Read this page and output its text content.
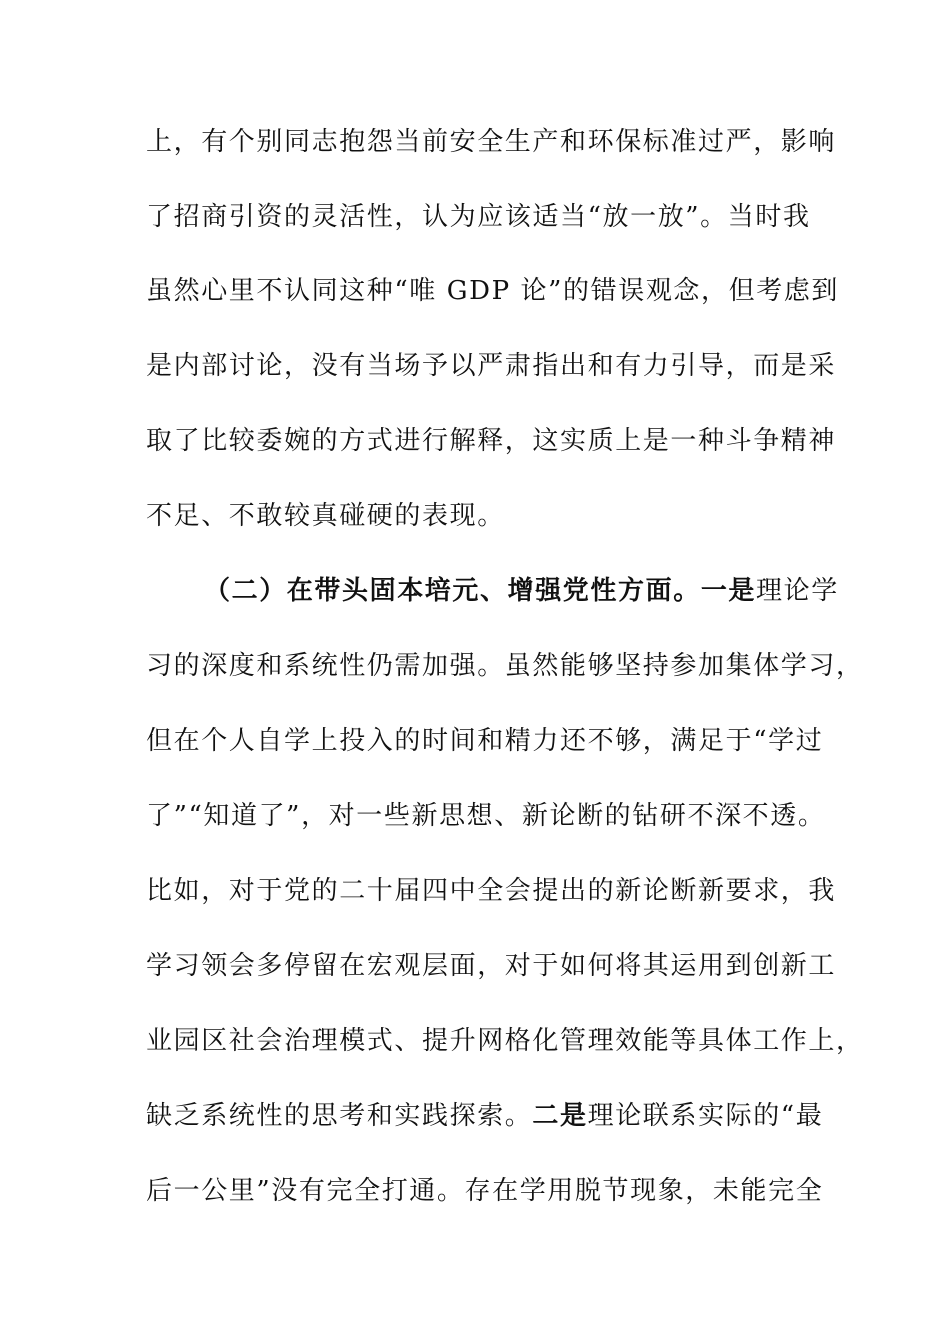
上，有个别同志抱怨当前安全生产和环保标准过严，影响
了招商引资的灵活性，认为应该适当“放一放”。当时我
虽然心里不认同这种“唯 GDP 论”的错误观念，但考虑到
是内部讨论，没有当场予以严肃指出和有力引导，而是采
取了比较委婉的方式进行解释，这实质上是一种斗争精神
不足、不敢较真碰硬的表现。
（二）在带头固本培元、增强党性方面。一是理论学
习的深度和系统性仍需加强。虽然能够坚持参加集体学习，
但在个人自学上投入的时间和精力还不够，满足于“学过
了”“知道了”，对一些新思想、新论断的钻研不深不透。
比如，对于党的二十届四中全会提出的新论断新要求，我
学习领会多停留在宏观层面，对于如何将其运用到创新工
业园区社会治理模式、提升网格化管理效能等具体工作上，
缺乏系统性的思考和实践探索。二是理论联系实际的“最
后一公里”没有完全打通。存在学用脱节现象，未能完全
